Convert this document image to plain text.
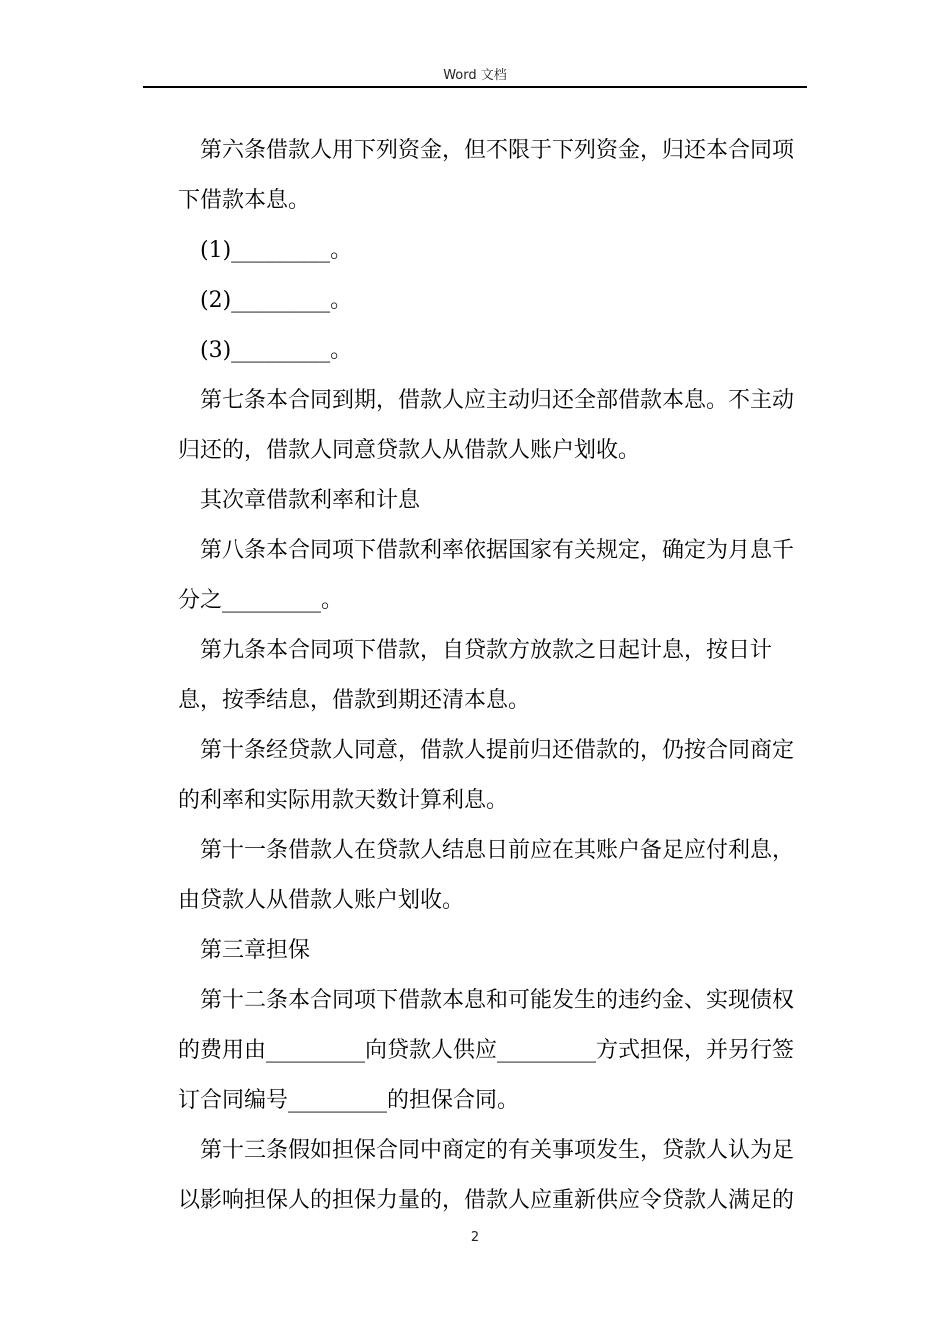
Word 文档

第六条借款人用下列资金，但不限于下列资金，归还本合同项下借款本息。

(1)_________。

(2)_________。

(3)_________。

第七条本合同到期，借款人应主动归还全部借款本息。不主动归还的，借款人同意贷款人从借款人账户划收。

其次章借款利率和计息

第八条本合同项下借款利率依据国家有关规定，确定为月息千分之_________。

第九条本合同项下借款，自贷款方放款之日起计息，按日计息，按季结息，借款到期还清本息。

第十条经贷款人同意，借款人提前归还借款的，仍按合同商定的利率和实际用款天数计算利息。

第十一条借款人在贷款人结息日前应在其账户备足应付利息，由贷款人从借款人账户划收。

第三章担保

第十二条本合同项下借款本息和可能发生的违约金、实现债权的费用由_________向贷款人供应_________方式担保，并另行签订合同编号_________的担保合同。

第十三条假如担保合同中商定的有关事项发生，贷款人认为足以影响担保人的担保力量的，借款人应重新供应令贷款人满足的

2
